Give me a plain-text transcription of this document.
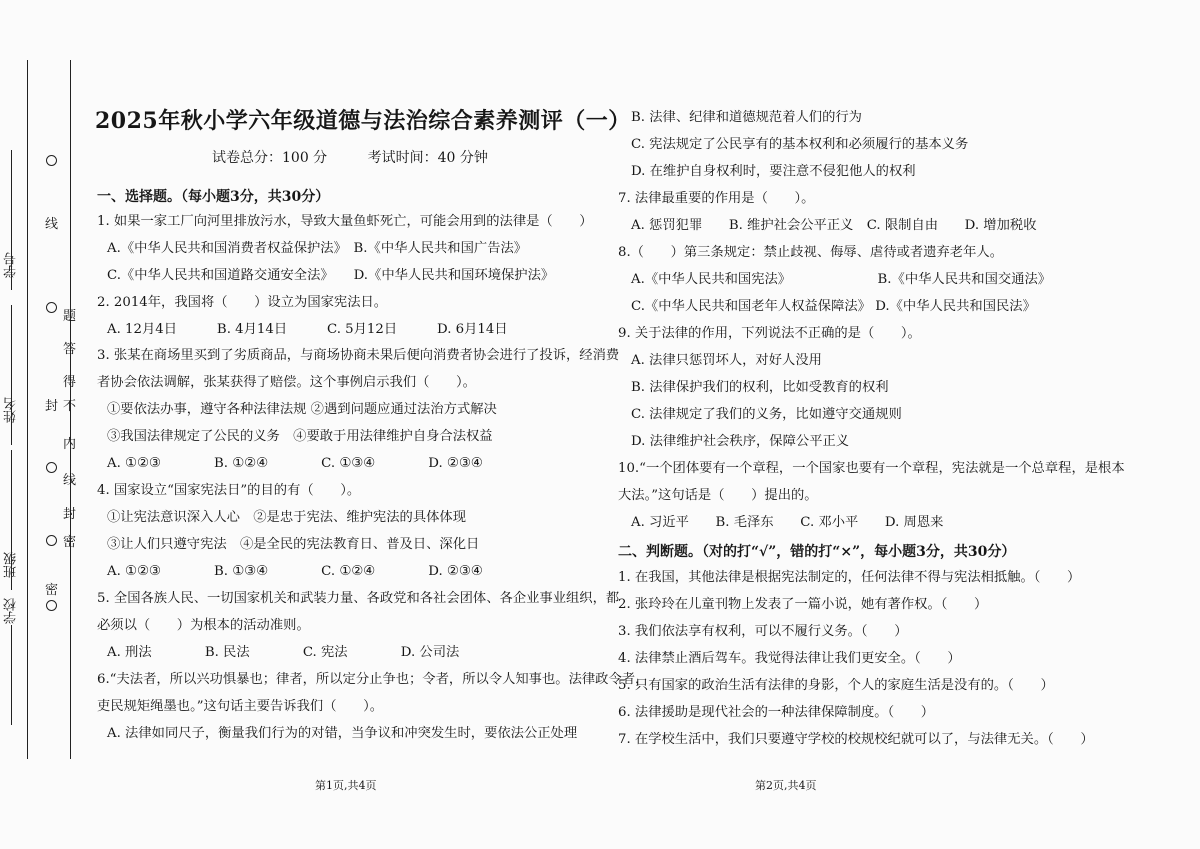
线
封 不
得
答
题
内
线
封
密
密
学号
姓名
班级
学校
2025年秋小学六年级道德与法治综合素养测评（一）
试卷总分：100 分	考试时间：40 分钟
一、选择题。（每小题3分，共30分）
1. 如果一家工厂向河里排放污水，导致大量鱼虾死亡，可能会用到的法律是（　　）
A.《中华人民共和国消费者权益保护法》　B.《中华人民共和国广告法》
C.《中华人民共和国道路交通安全法》　　D.《中华人民共和国环境保护法》
2. 2014年，我国将（　　）设立为国家宪法日。
A. 12月4日　　　B. 4月14日　　　C. 5月12日　　　D. 6月14日
3. 张某在商场里买到了劣质商品，与商场协商未果后便向消费者协会进行了投诉，经消费
者协会依法调解，张某获得了赔偿。这个事例启示我们（　　）。
①要依法办事，遵守各种法律法规 ②遇到问题应通过法治方式解决
③我国法律规定了公民的义务　④要敢于用法律维护自身合法权益
A. ①②③　　　　B. ①②④　　　　C. ①③④　　　　D. ②③④
4. 国家设立“国家宪法日”的目的有（　　）。
①让宪法意识深入人心　②是忠于宪法、维护宪法的具体体现
③让人们只遵守宪法　④是全民的宪法教育日、普及日、深化日
A. ①②③　　　　B. ①③④　　　　C. ①②④　　　　D. ②③④
5. 全国各族人民、一切国家机关和武装力量、各政党和各社会团体、各企业事业组织，都
必须以（　　）为根本的活动准则。
A. 刑法　　　　B. 民法　　　　C. 宪法　　　　D. 公司法
6.“夫法者，所以兴功惧暴也；律者，所以定分止争也；令者，所以令人知事也。法律政令者，
吏民规矩绳墨也。”这句话主要告诉我们（　　）。
A. 法律如同尺子，衡量我们行为的对错，当争议和冲突发生时，要依法公正处理
第1页,共4页
B. 法律、纪律和道德规范着人们的行为
C. 宪法规定了公民享有的基本权利和必须履行的基本义务
D. 在维护自身权利时，要注意不侵犯他人的权利
7. 法律最重要的作用是（　　）。
A. 惩罚犯罪　　B. 维护社会公平正义　C. 限制自由　　D. 增加税收
8.（　　）第三条规定：禁止歧视、侮辱、虐待或者遗弃老年人。
A.《中华人民共和国宪法》　　　　　　　B.《中华人民共和国交通法》
C.《中华人民共和国老年人权益保障法》 D.《中华人民共和国民法》
9. 关于法律的作用，下列说法不正确的是（　　）。
A. 法律只惩罚坏人，对好人没用
B. 法律保护我们的权利，比如受教育的权利
C. 法律规定了我们的义务，比如遵守交通规则
D. 法律维护社会秩序，保障公平正义
10.“一个团体要有一个章程，一个国家也要有一个章程，宪法就是一个总章程，是根本
大法。”这句话是（　　）提出的。
A. 习近平　　B. 毛泽东　　C. 邓小平　　D. 周恩来
二、判断题。（对的打“√”，错的打“×”，每小题3分，共30分）
1. 在我国，其他法律是根据宪法制定的，任何法律不得与宪法相抵触。（　　）
2. 张玲玲在儿童刊物上发表了一篇小说，她有著作权。（　　）
3. 我们依法享有权利，可以不履行义务。（　　）
4. 法律禁止酒后驾车。我觉得法律让我们更安全。（　　）
5. 只有国家的政治生活有法律的身影，个人的家庭生活是没有的。（　　）
6. 法律援助是现代社会的一种法律保障制度。（　　）
7. 在学校生活中，我们只要遵守学校的校规校纪就可以了，与法律无关。（　　）
第2页,共4页
